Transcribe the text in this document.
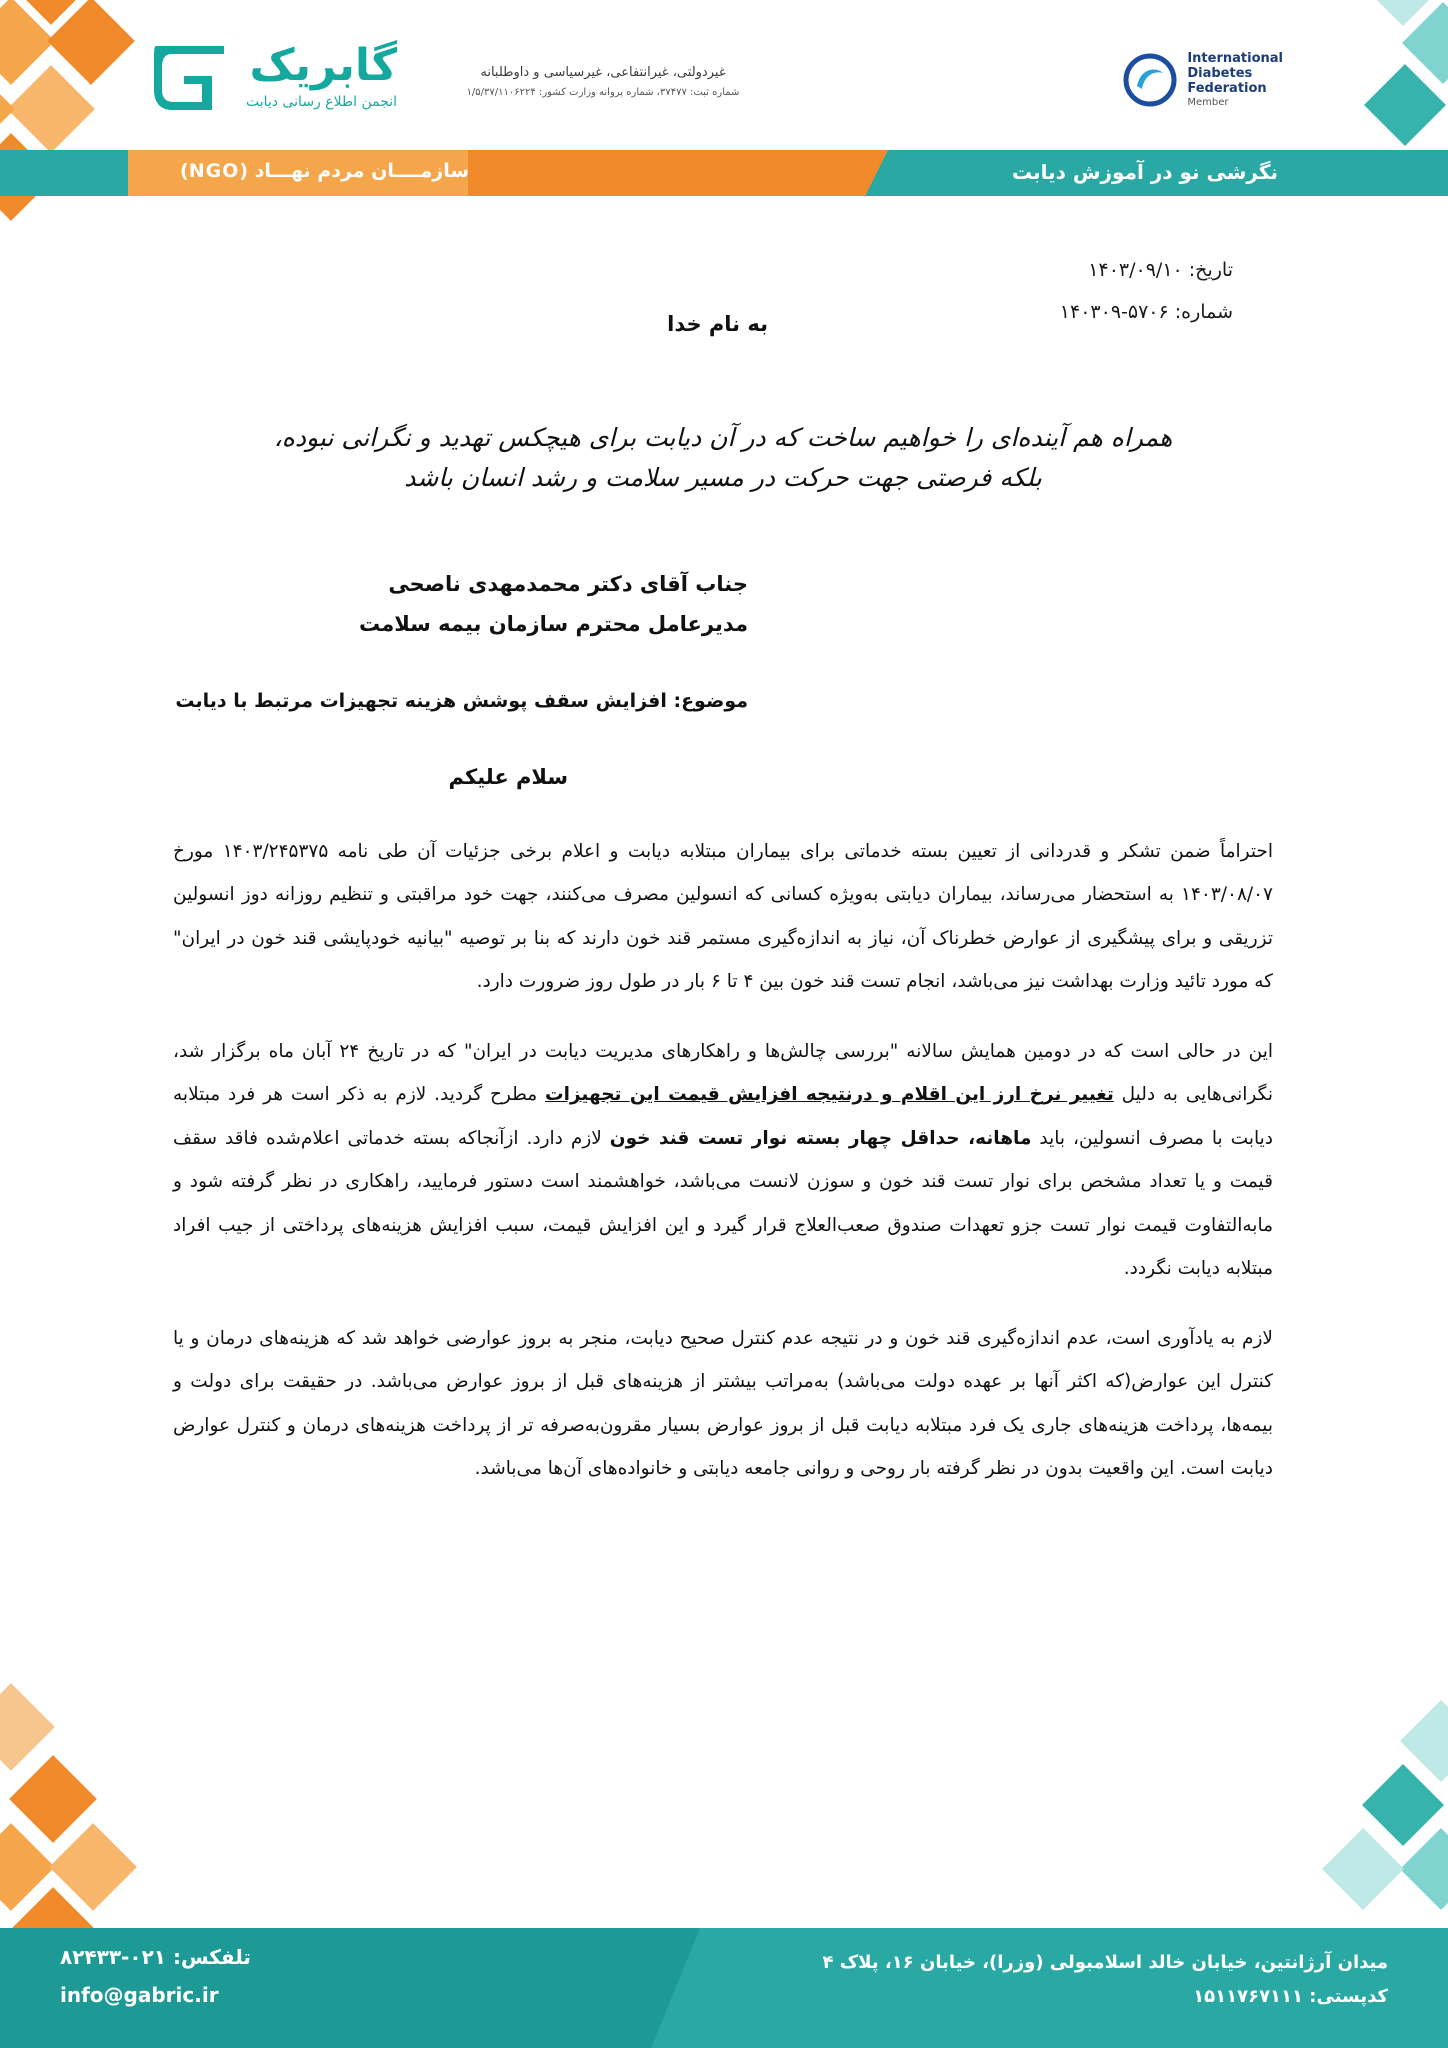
International
Diabetes
Federation
Member
غیردولتی، غیرانتفاعی، غیرسیاسی و داوطلبانه
شماره ثبت: ۳۷۴۷۷، شماره پروانه وزارت کشور: ۱/۵/۳۷/۱۱۰۶۲۲۴
گابریک
انجمن اطلاع رسانی دیابت
نگرشی نو در آموزش دیابت
سازمــــان مردم نهـــاد (NGO)
تاریخ: ۱۴۰۳/۰۹/۱۰
شماره: ۵۷۰۶-۱۴۰۳۰۹
به نام خدا
همراه هم آینده‌ای را خواهیم ساخت که در آن دیابت برای هیچکس تهدید و نگرانی نبوده، بلکه فرصتی جهت حرکت در مسیر سلامت و رشد انسان باشد
جناب آقای دکتر محمدمهدی ناصحی
مدیرعامل محترم سازمان بیمه سلامت
موضوع: افزایش سقف پوشش هزینه تجهیزات مرتبط با دیابت
سلام علیکم

احتراماً ضمن تشکر و قدردانی از تعیین بسته خدماتی برای بیماران مبتلا‌به دیابت و اعلام برخی جزئیات آن طی نامه ۱۴۰۳/۲۴۵۳۷۵ مورخ ۱۴۰۳/۰۸/۰۷ به استحضار می‌رساند، بیماران دیابتی به‌ویژه کسانی که انسولین مصرف می‌کنند، جهت خود مراقبتی و تنظیم روزانه دوز انسولین تزریقی و برای پیشگیری از عوارض خطرناک آن، نیاز به اندازه‌گیری مستمر قند خون دارند که بنا بر توصیه "بیانیه خودپایشی قند خون در ایران" که مورد تائید وزارت بهداشت نیز می‌باشد، انجام تست قند خون بین ۴ تا ۶ بار در طول روز ضرورت دارد.

این در حالی است که در دومین همایش سالانه "بررسی چالش‌ها و راهکارهای مدیریت دیابت در ایران" که در تاریخ ۲۴ آبان ماه برگزار شد، نگرانی‌هایی به دلیل تغییر نرخ ارز این اقلام و درنتیجه افزایش قیمت این تجهیزات مطرح گردید. لازم به ذکر است هر فرد مبتلا‌به دیابت با مصرف انسولین، باید ماهانه، حداقل چهار بسته نوار تست قند خون لازم دارد. ازآنجاکه بسته خدماتی اعلام‌شده فاقد سقف قیمت و یا تعداد مشخص برای نوار تست قند خون و سوزن لانست می‌باشد، خواهشمند است دستور فرمایید، راهکاری در نظر گرفته شود و مابه‌التفاوت قیمت نوار تست جزو تعهدات صندوق صعب‌العلاج قرار گیرد و این افزایش قیمت، سبب افزایش هزینه‌های پرداختی از جیب افراد مبتلا‌به دیابت نگردد.

لازم به یادآوری است، عدم اندازه‌گیری قند خون و در نتیجه عدم کنترل صحیح دیابت، منجر به بروز عوارضی خواهد شد که هزینه‌های درمان و یا کنترل این عوارض(که اکثر آنها بر عهده دولت می‌باشد) به‌مراتب بیشتر از هزینه‌های قبل از بروز عوارض می‌باشد. در حقیقت برای دولت و بیمه‌ها، پرداخت هزینه‌های جاری یک فرد مبتلا‌به دیابت قبل از بروز عوارض بسیار مقرون‌به‌صرفه تر از پرداخت هزینه‌های درمان و کنترل عوارض دیابت است. این واقعیت بدون در نظر گرفته بار روحی و روانی جامعه دیابتی و خانواده‌های آن‌ها می‌باشد.

تلفکس: ۰۲۱-۸۲۴۳۳
info@gabric.ir
میدان آرژانتین، خیابان خالد اسلامبولی (وزرا)، خیابان ۱۶، پلاک ۴
کدپستی: ۱۵۱۱۷۶۷۱۱۱
